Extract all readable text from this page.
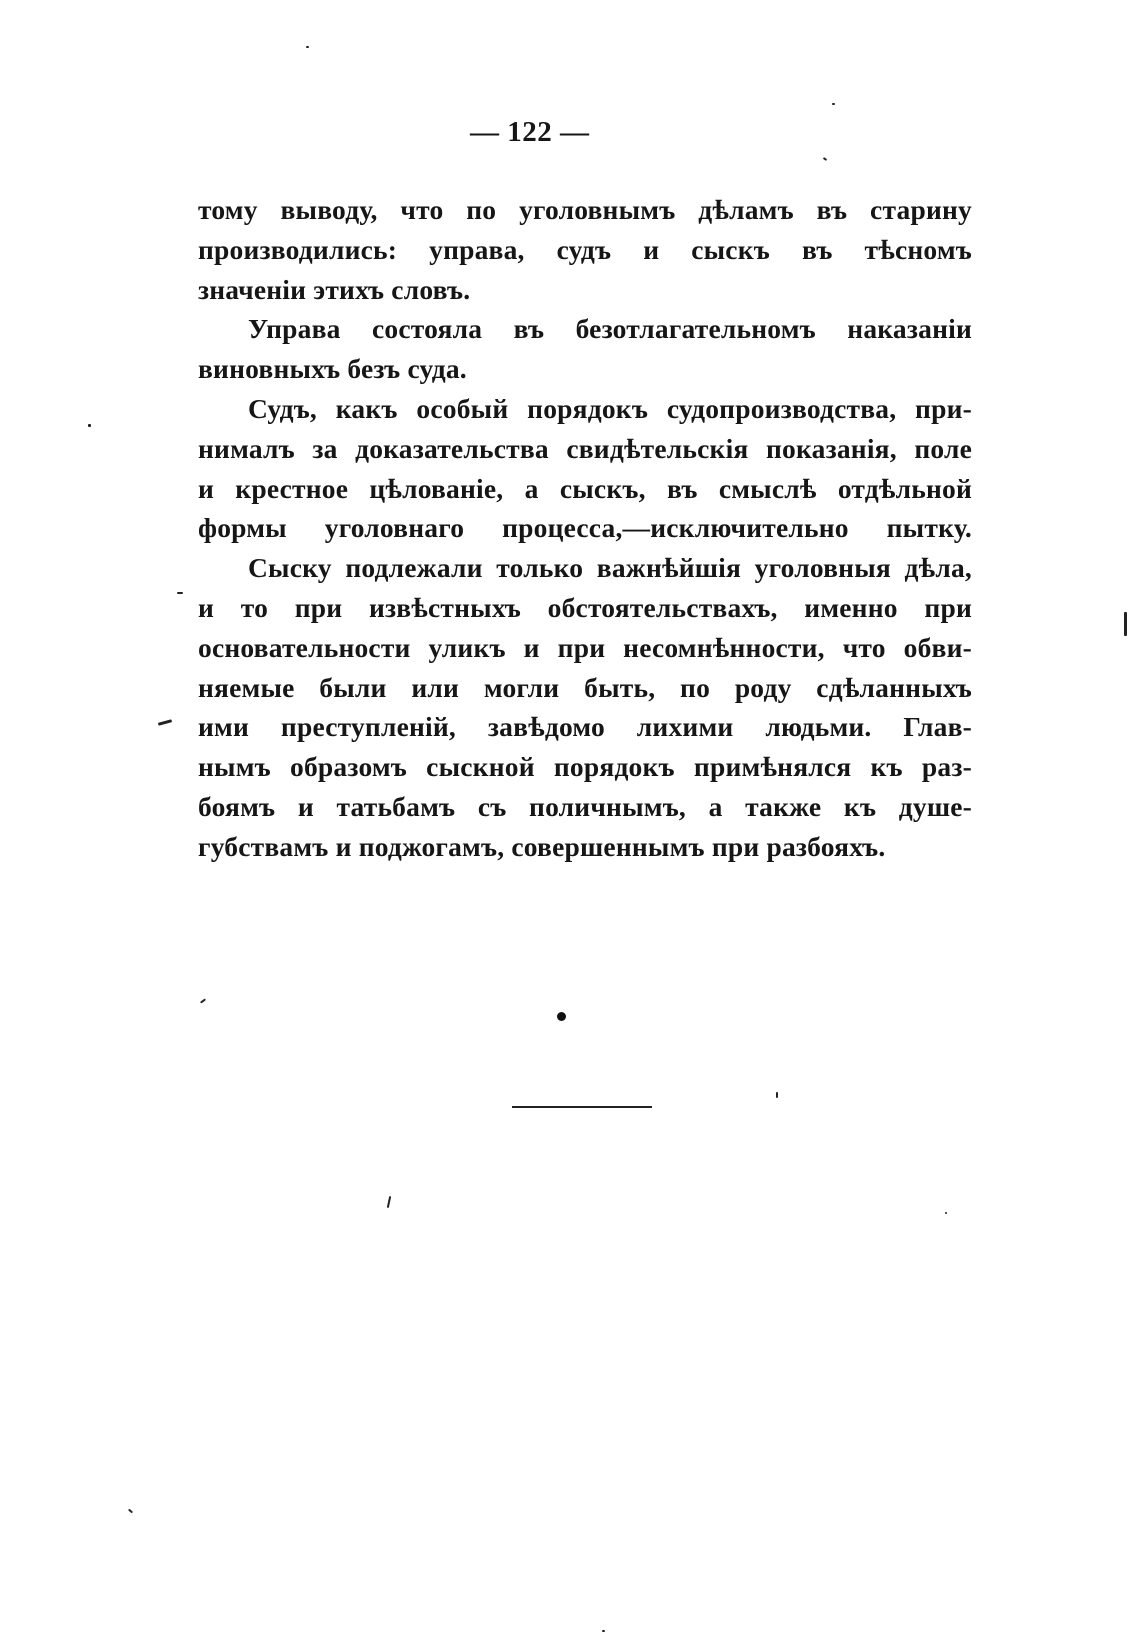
— 122 —
тому выводу, что по уголовнымъ дѣламъ въ старину
производились: управа, судъ и сыскъ въ тѣсномъ
значеніи этихъ словъ.
Управа состояла въ безотлагательномъ наказаніи
виновныхъ безъ суда.
Судъ, какъ особый порядокъ судопроизводства, при-
нималъ за доказательства свидѣтельскія показанія, поле
и крестное цѣлованіе, а сыскъ, въ смыслѣ отдѣльной
формы уголовнаго процесса,—исключительно пытку.
Сыску подлежали только важнѣйшія уголовныя дѣла,
и то при извѣстныхъ обстоятельствахъ, именно при
основательности уликъ и при несомнѣнности, что обви-
няемые были или могли быть, по роду сдѣланныхъ
ими преступленій, завѣдомо лихими людьми. Глав-
нымъ образомъ сыскной порядокъ примѣнялся къ раз-
боямъ и татьбамъ съ поличнымъ, а также къ душе-
губствамъ и поджогамъ, совершеннымъ при разбояхъ.
